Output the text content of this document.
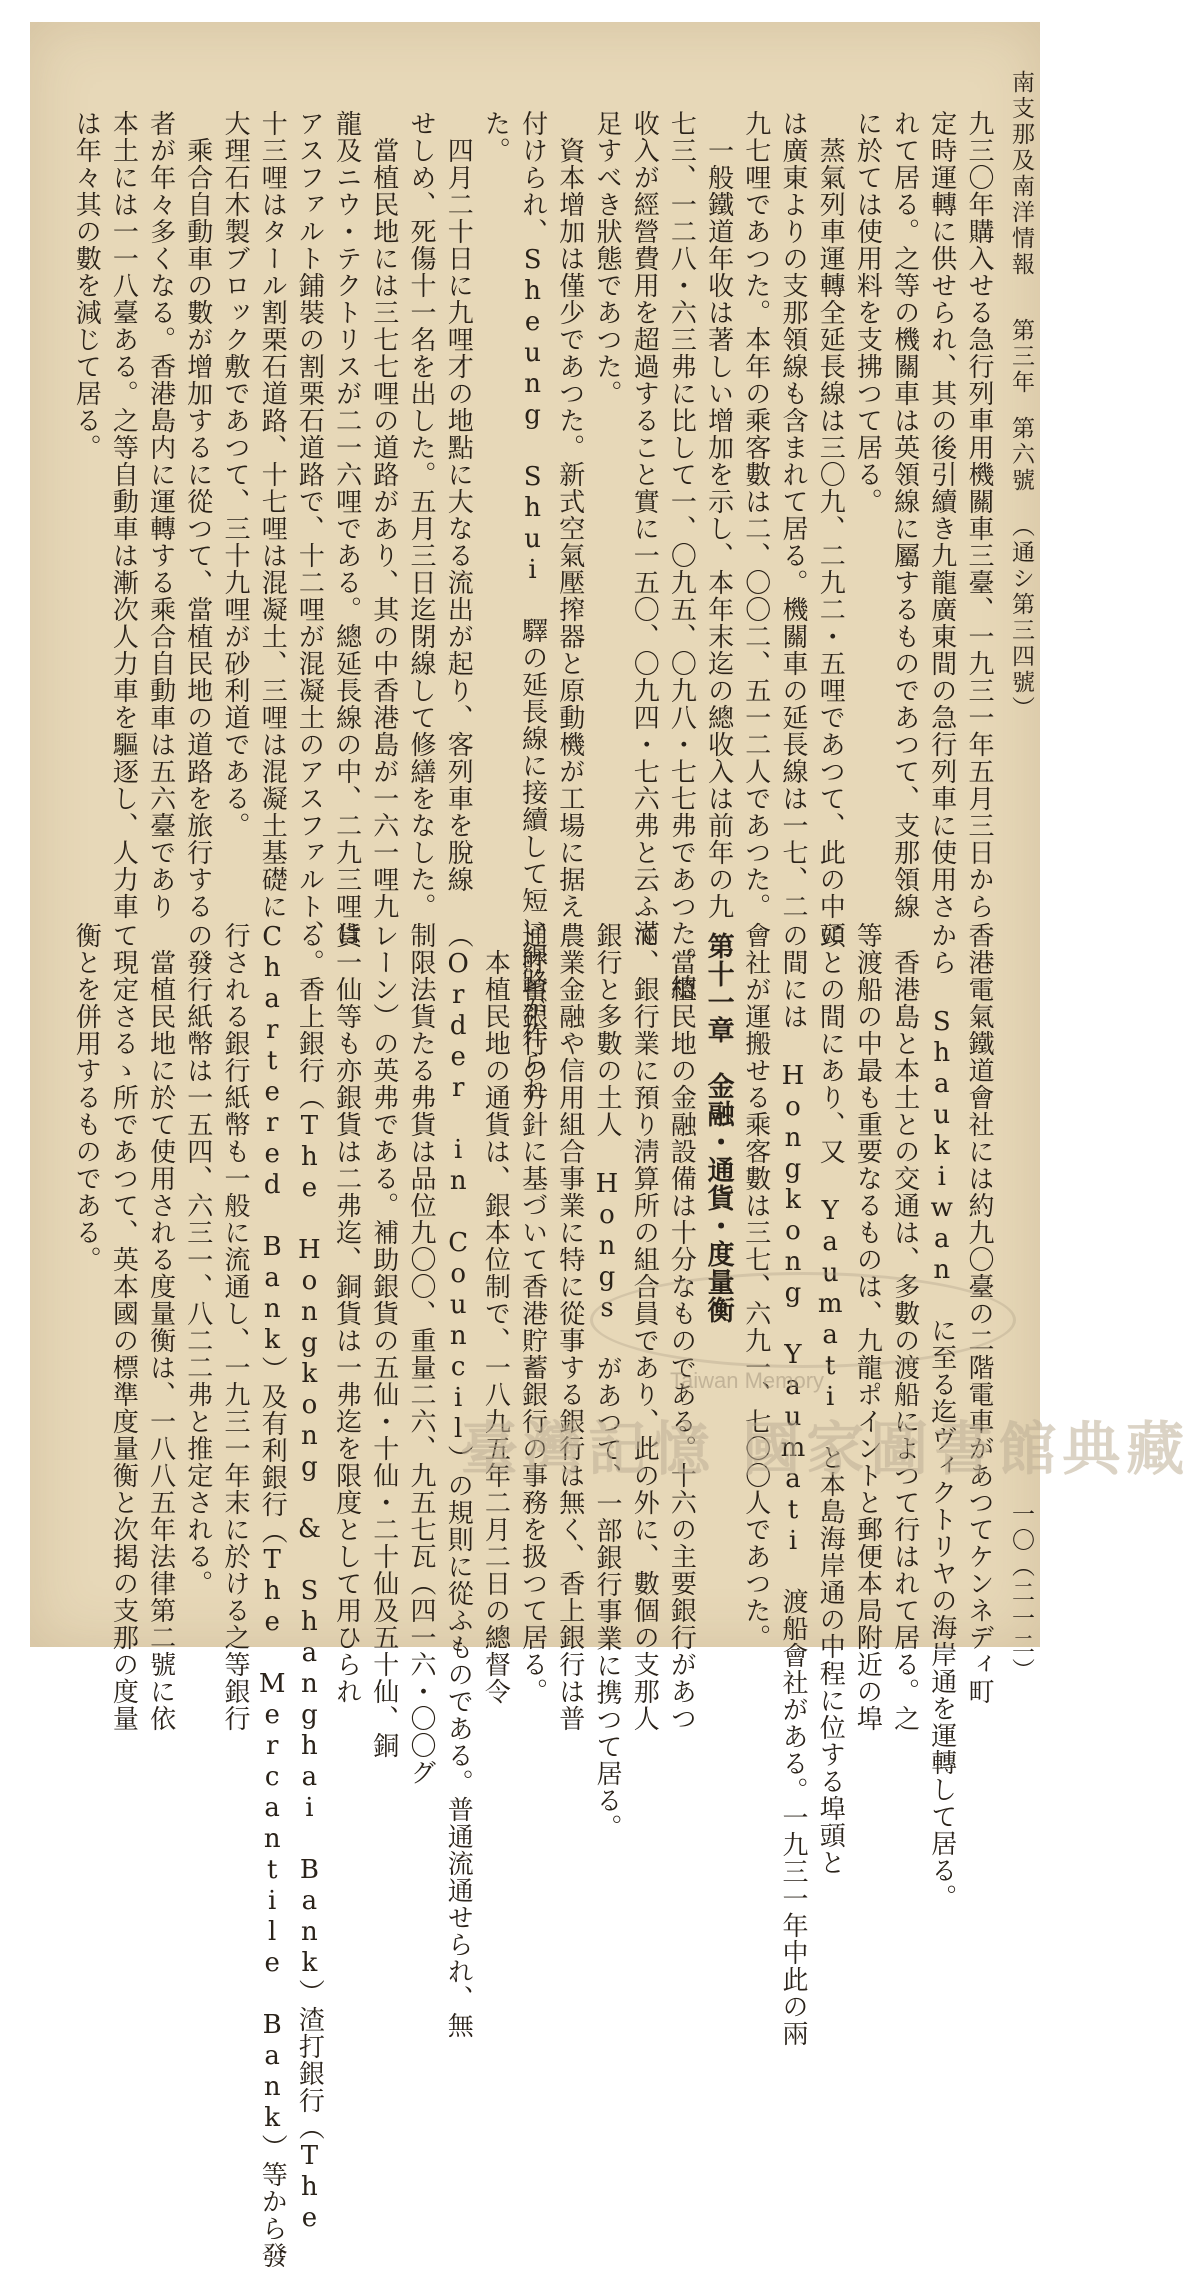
南支那及南洋情報第三年第六號（通シ第三四號）
一〇（二一二）
九三〇年購入せる急行列車用機關車三臺、一九三一年五月三日から
定時運轉に供せられ、其の後引續き九龍廣東間の急行列車に使用さ
れて居る。之等の機關車は英領線に屬するものであつて、支那領線
に於ては使用料を支拂つて居る。
　蒸氣列車運轉全延長線は三〇九、二九二・五哩であつて、此の中に
は廣東よりの支那領線も含まれて居る。機關車の延長線は一七、二
九七哩であつた。本年の乘客數は二、〇〇二、五一二人であつた。
　一般鐵道年收は著しい增加を示し、本年末迄の總收入は前年の九
七三、一二八・六三弗に比して一、〇九五、〇九八・七七弗であつた。總
收入が經營費用を超過すること實に一五〇、〇九四・七六弗と云ふ滿
足すべき狀態であつた。
　資本增加は僅少であつた。新式空氣壓搾器と原動機が工場に据え
付けられ、Sheung Shui 驛の延長線に接續して短い線路が作られ
た。
　四月二十日に九哩才の地點に大なる流出が起り、客列車を脫線
せしめ、死傷十一名を出した。五月三日迄閉線して修繕をなした。
　當植民地には三七七哩の道路があり、其の中香港島が一六一哩九
龍及ニウ・テクトリスが二一六哩である。總延長線の中、二九三哩は
アスファルト鋪裝の割栗石道路で、十二哩が混凝土のアスファルト、
十三哩はタール割栗石道路、十七哩は混凝土、三哩は混凝土基礎に
大理石木製ブロック敷であつて、三十九哩が砂利道である。
　乘合自動車の數が增加するに從つて、當植民地の道路を旅行する
者が年々多くなる。香港島内に運轉する乘合自動車は五六臺であり
本土には一一八臺ある。之等自動車は漸次人力車を驅逐し、人力車
は年々其の數を減じて居る。
香港電氣鐵道會社には約九〇臺の二階電車があつてケンネディ町
から Shaukiwan に至る迄ヴィクトリヤの海岸通を運轉して居る。
　香港島と本土との交通は、多數の渡船によつて行はれて居る。之
等渡船の中最も重要なるものは、九龍ポイントと郵便本局附近の埠
頭との間にあり、又 Yaumati と本島海岸通の中程に位する埠頭と
の間には Hongkong Yaumati 渡船會社がある。一九三一年中此の兩
會社が運搬せる乘客數は三七、六九一、七〇〇人であつた。
第十一章　金融・通貨・度量衡
　當植民地の金融設備は十分なものである。十六の主要銀行があつ
て、銀行業に預り淸算所の組合員であり、此の外に、數個の支那人
銀行と多數の土人 Hongs があつて、一部銀行事業に携つて居る。
農業金融や信用組合事業に特に從事する銀行は無く、香上銀行は普
通貯蓄銀行の方針に基づいて香港貯蓄銀行の事務を扱つて居る。
　本植民地の通貨は、銀本位制で、一八九五年二月二日の總督令
（Order in Council）の規則に從ふものである。普通流通せられ、無
制限法貨たる弗貨は品位九〇〇、重量二六、九五七瓦（四一六・〇〇グ
レーン）の英弗である。補助銀貨の五仙・十仙・二十仙及五十仙、銅
貨一仙等も亦銀貨は二弗迄、銅貨は一弗迄を限度として用ひられ
る。香上銀行（The Hongkong & Shanghai Bank）渣打銀行（The
Chartered Bank）及有利銀行（The Mercantile Bank）等から發
行される銀行紙幣も一般に流通し、一九三一年末に於ける之等銀行
の發行紙幣は一五四、六三一、八二二弗と推定される。
　當植民地に於て使用される度量衡は、一八八五年法律第二號に依
て現定さるゝ所であつて、英本國の標準度量衡と次掲の支那の度量
衡とを併用するものである。
Taiwan Memory
臺灣記憶 國家圖書館典藏
